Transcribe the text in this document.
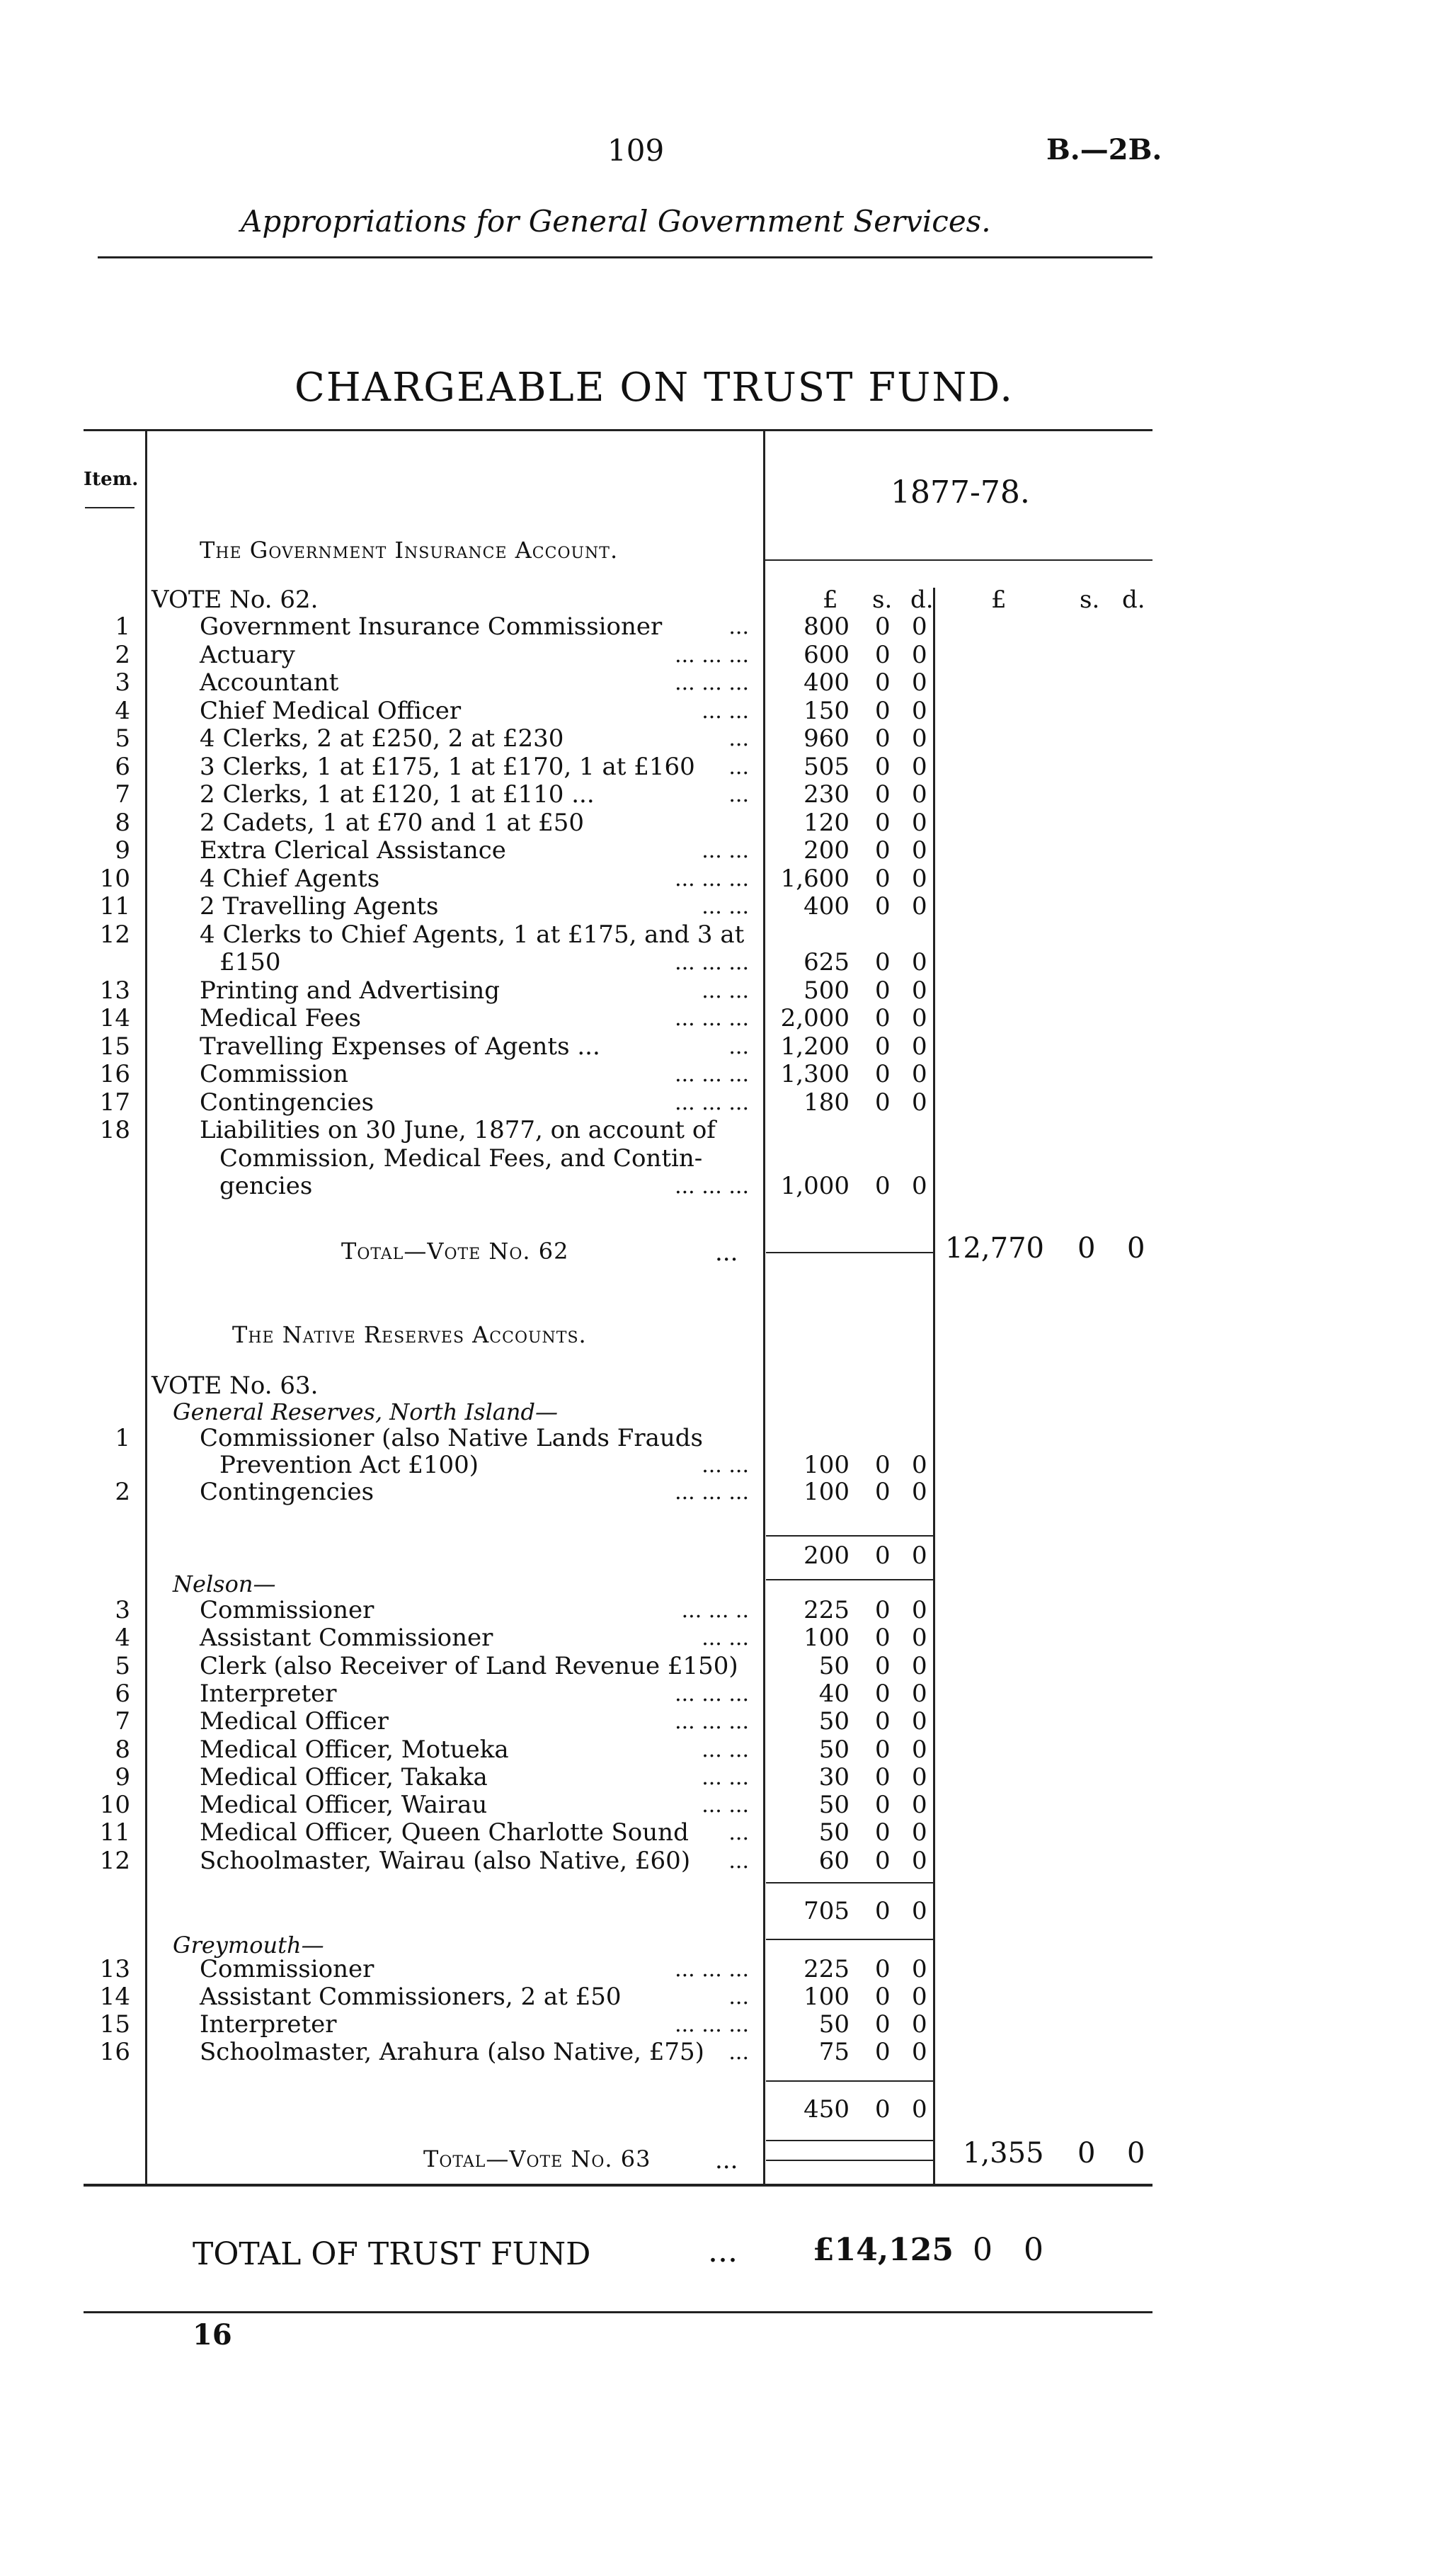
109	B.—2B.
Appropriations for General Government Services.
CHARGEABLE ON TRUST FUND.
Item.	1877-78.
The Government Insurance Account.
£ s. d. £	s. d.
VOTE No. 62.
1	Government Insurance Commissioner	...	800 0 0
2	Actuary	... ... ...	600 0 0
3	Accountant	... ... ...	400 0 0
4	Chief Medical Officer	... ...	150 0 0
5	4 Clerks, 2 at £250, 2 at £230	...	960 0 0
6	3 Clerks, 1 at £175, 1 at £170, 1 at £160 ...	505 0 0
7	2 Clerks, 1 at £120, 1 at £110 ...	...	230 0 0
8	2 Cadets, 1 at £70 and 1 at £50	120 0 0
9	Extra Clerical Assistance	... ...	200 0 0
10	4 Chief Agents	... ... ... 1,600 0 0
11	2 Travelling Agents	... ...	400 0 0
12	4 Clerks to Chief Agents, 1 at £175, and 3 at
£150	... ... ...	625 0 0
13	Printing and Advertising	... ...	500 0 0
14	Medical Fees	... ... ... 2,000 0 0
15	Travelling Expenses of Agents ...	... 1,200 0 0
16	Commission	... ... ... 1,300 0 0
17	Contingencies	... ... ...	180 0 0
18	Liabilities on 30 June, 1877, on account of
Commission, Medical Fees, and Contin-
gencies	... ... ... 1,000 0 0
Total—Vote No. 62	...	12,770 0 0
The Native Reserves Accounts.
VOTE No. 63.
General Reserves, North Island—
1	Commissioner (also Native Lands Frauds
Prevention Act £100)	... ...	100 0 0
2	Contingencies	... ... ...	100 0 0
200 0 0
Nelson—
3	Commissioner	... ... ..	225 0 0
4	Assistant Commissioner	... ...	100 0 0
5	Clerk (also Receiver of Land Revenue £150)	50 0 0
6	Interpreter	... ... ...	40 0 0
7	Medical Officer	... ... ...	50 0 0
8	Medical Officer, Motueka	... ...	50 0 0
9	Medical Officer, Takaka	... ...	30 0 0
10	Medical Officer, Wairau	... ...	50 0 0
11	Medical Officer, Queen Charlotte Sound ...	50 0 0
12	Schoolmaster, Wairau (also Native, £60) ...	60 0 0
705 0 0
Greymouth—
13	Commissioner	... ... ...	225 0 0
14	Assistant Commissioners, 2 at £50	...	100 0 0
15	Interpreter	... ... ...	50 0 0
16	Schoolmaster, Arahura (also Native, £75) ...	75 0 0
450 0 0
Total—Vote No. 63	...	1,355 0 0
TOTAL OF TRUST FUND	... £14,125 0 0
16
